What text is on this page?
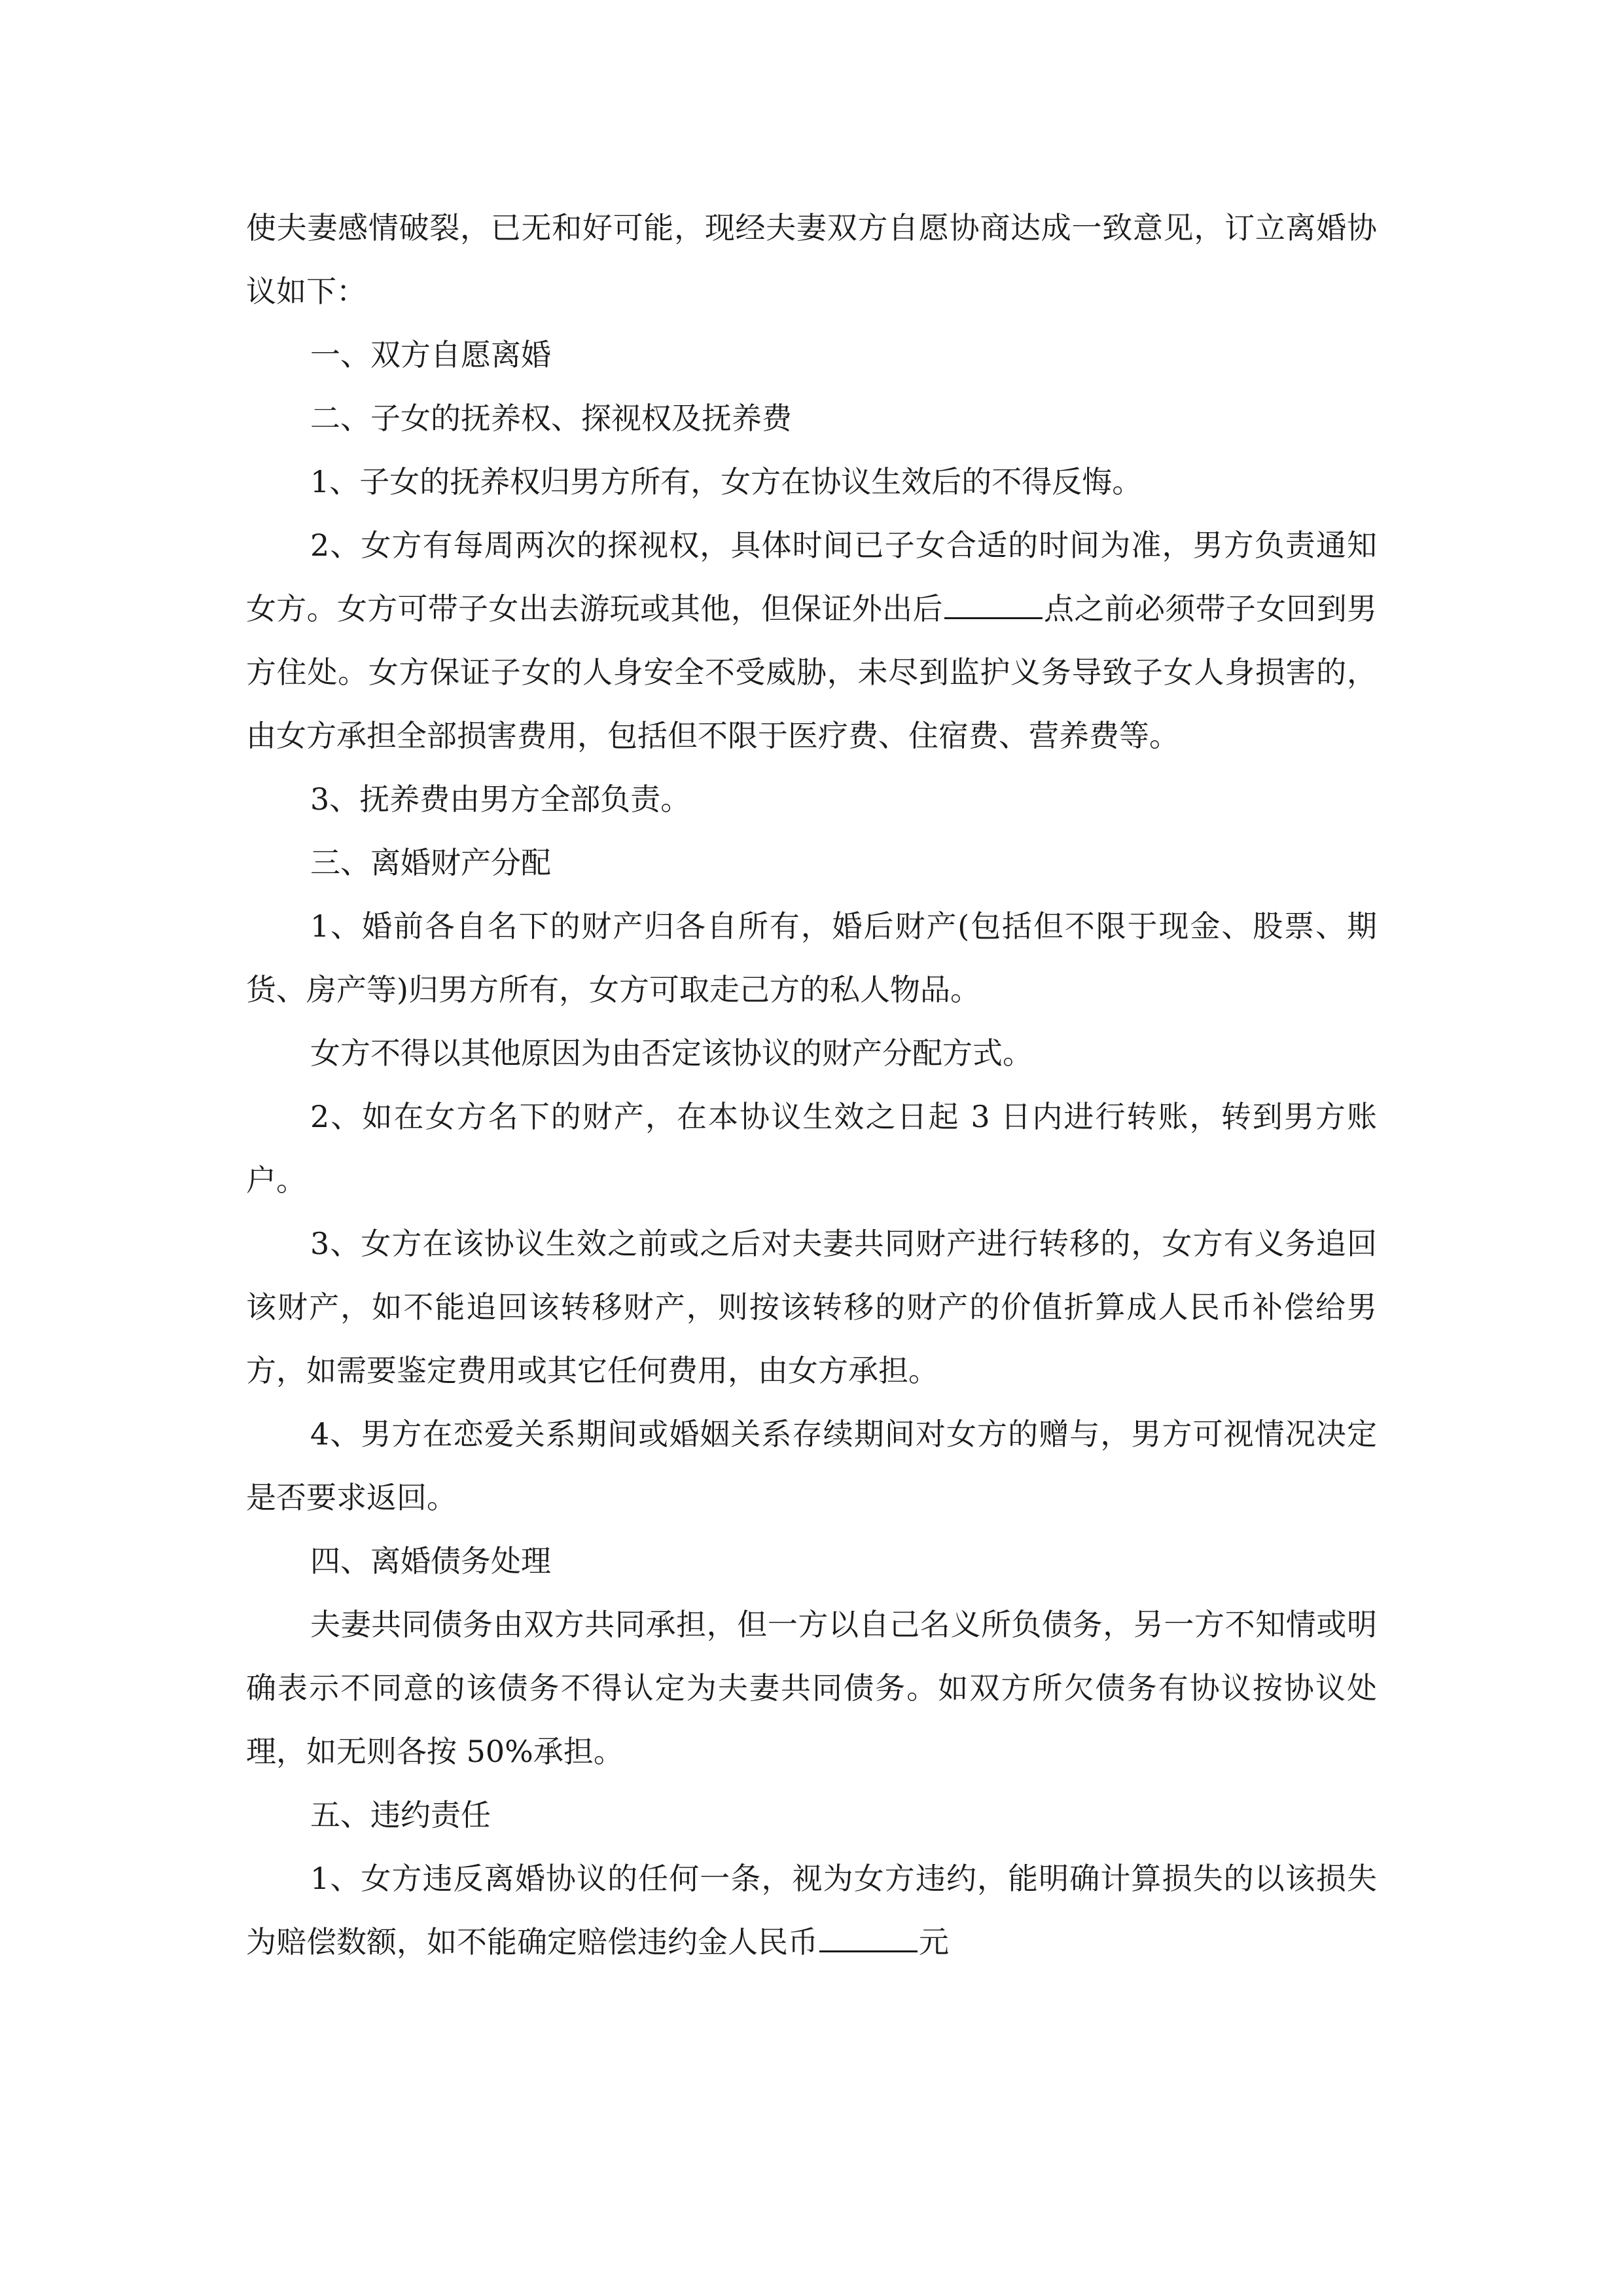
使夫妻感情破裂，已无和好可能，现经夫妻双方自愿协商达成一致意见，订立离婚协议如下：

一、双方自愿离婚

二、子女的抚养权、探视权及抚养费

1、子女的抚养权归男方所有，女方在协议生效后的不得反悔。

2、女方有每周两次的探视权，具体时间已子女合适的时间为准，男方负责通知女方。女方可带子女出去游玩或其他，但保证外出后	点之前必须带子女回到男方住处。女方保证子女的人身安全不受威胁，未尽到监护义务导致子女人身损害的，由女方承担全部损害费用，包括但不限于医疗费、住宿费、营养费等。

3、抚养费由男方全部负责。

三、离婚财产分配

1、婚前各自名下的财产归各自所有，婚后财产(包括但不限于现金、股票、期货、房产等)归男方所有，女方可取走己方的私人物品。

女方不得以其他原因为由否定该协议的财产分配方式。

2、如在女方名下的财产，在本协议生效之日起 3 日内进行转账，转到男方账户。

3、女方在该协议生效之前或之后对夫妻共同财产进行转移的，女方有义务追回该财产，如不能追回该转移财产，则按该转移的财产的价值折算成人民币补偿给男方，如需要鉴定费用或其它任何费用，由女方承担。

4、男方在恋爱关系期间或婚姻关系存续期间对女方的赠与，男方可视情况决定是否要求返回。

四、离婚债务处理

夫妻共同债务由双方共同承担，但一方以自己名义所负债务，另一方不知情或明确表示不同意的该债务不得认定为夫妻共同债务。如双方所欠债务有协议按协议处理，如无则各按 50%承担。

五、违约责任

1、女方违反离婚协议的任何一条，视为女方违约，能明确计算损失的以该损失为赔偿数额，如不能确定赔偿违约金人民币	元
